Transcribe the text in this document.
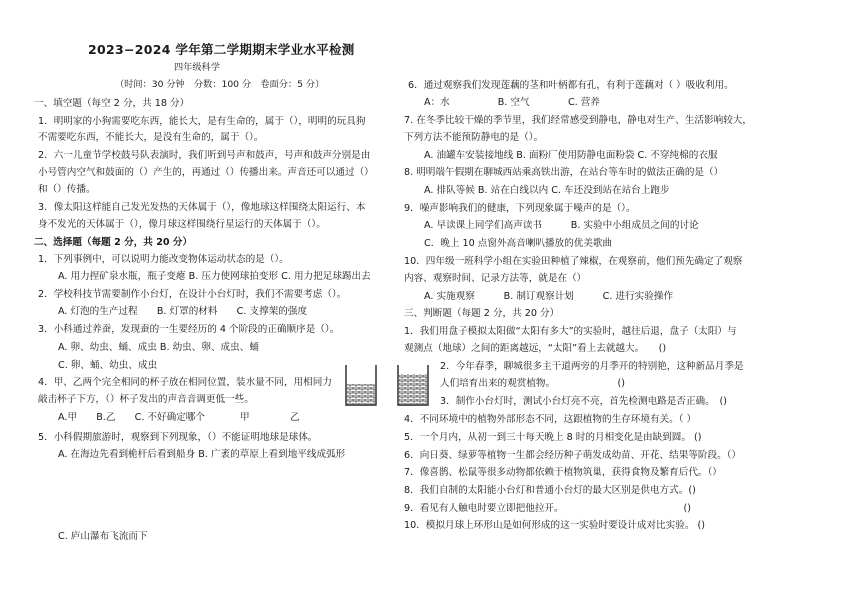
2023−2024 学年第二学期期末学业水平检测
四年级科学
（时间：30 分钟　分数：100 分　卷面分：5 分）
一、填空题（每空 2 分，共 18 分）
1．明明家的小狗需要吃东西，能长大，是有生命的，属于（），明明的玩具狗
不需要吃东西，不能长大，是没有生命的，属于（）。
2．六一儿童节学校鼓号队表演时，我们听到号声和鼓声，号声和鼓声分别是由
小号管内空气和鼓面的（）产生的，再通过（）传播出来。声音还可以通过（）
和（）传播。
3．像太阳这样能自己发光发热的天体属于（），像地球这样围绕太阳运行、本
身不发光的天体属于（），像月球这样围绕行星运行的天体属于（）。
二、选择题（每题 2 分，共 20 分）
1．下列事例中，可以说明力能改变物体运动状态的是（）。
A. 用力捏矿泉水瓶，瓶子变瘪 B. 压力使网球拍变形 C. 用力把足球踢出去
2．学校科技节需要制作小台灯，在设计小台灯时，我们不需要考虑（）。
A. 灯泡的生产过程　　B. 灯罩的材料　　C. 支撑架的强度
3．小科通过养蚕，发现蚕的一生要经历的 4 个阶段的正确顺序是（）。
A. 卵、幼虫、蛹、成虫 B. 幼虫、卵、成虫、蛹
C. 卵、蛹、幼虫、成虫
4．甲、乙两个完全相同的杯子放在相同位置，装水量不同，用相同力
敲击杯子下方，（）杯子发出的声音音调更低一些。
A.甲　　B.乙　　C. 不好确定哪个	甲	乙
5．小科假期旅游时，观察到下列现象，（）不能证明地球是球体。
A. 在海边先看到桅杆后看到船身 B. 广袤的草原上看到地平线成弧形
C. 庐山瀑布飞流而下
6．通过观察我们发现莲藕的茎和叶柄都有孔，有利于莲藕对（ ）吸收利用。
A：水　　　　　B. 空气　　　　C. 营养
7. 在冬季比较干燥的季节里，我们经常感受到静电，静电对生产、生活影响较大，
下列方法不能预防静电的是（）。
A. 油罐车安装接地线 B. 面粉厂使用防静电面粉袋 C. 不穿纯棉的衣服
8. 明明端午假期在聊城西站乘高铁出游，在站台等车时的做法正确的是（）
A. 排队等候 B. 站在白线以内 C. 车还没到站在站台上跑步
9．噪声影响我们的健康，下列现象属于噪声的是（）。
A. 早读课上同学们高声读书　　　B. 实验中小组成员之间的讨论
C．晚上 10 点窗外高音喇叭播放的优美歌曲
10．四年级一班科学小组在实验田种植了辣椒，在观察前，他们预先确定了观察
内容、观察时间、记录方法等，就是在（）
A. 实施观察　　　B. 制订观察计划　　　C. 进行实验操作
三、判断题（每题 2 分，共 20 分）
1．我们用盘子模拟太阳做“太阳有多大”的实验时，越往后退，盘子（太阳）与
观测点（地球）之间的距离越远，“太阳”看上去就越大。　　()
2．今年春季，聊城很多主干道两旁的月季开的特别艳，这种新品月季是
人们培育出来的观赏植物。　　　　　　　()
3．制作小台灯时，测试小台灯亮不亮，首先检测电路是否正确。　()
4．不同环境中的植物外部形态不同，这跟植物的生存环境有关。（ ）
5．一个月内，从初一到三十每天晚上 8 时的月相变化是由缺到圆。 ()
6．向日葵、绿萝等植物一生都会经历种子萌发成幼苗、开花、结果等阶段。（）
7．像喜鹊、松鼠等很多动物都依赖于植物筑巢，获得食物及繁育后代。（）
8．我们自制的太阳能小台灯和普通小台灯的最大区别是供电方式。()
9．看见有人触电时要立即把他拉开。　　　　　　　　　　　　　()
10．模拟月球上环形山是如何形成的这一实验时要设计成对比实验。 ()
